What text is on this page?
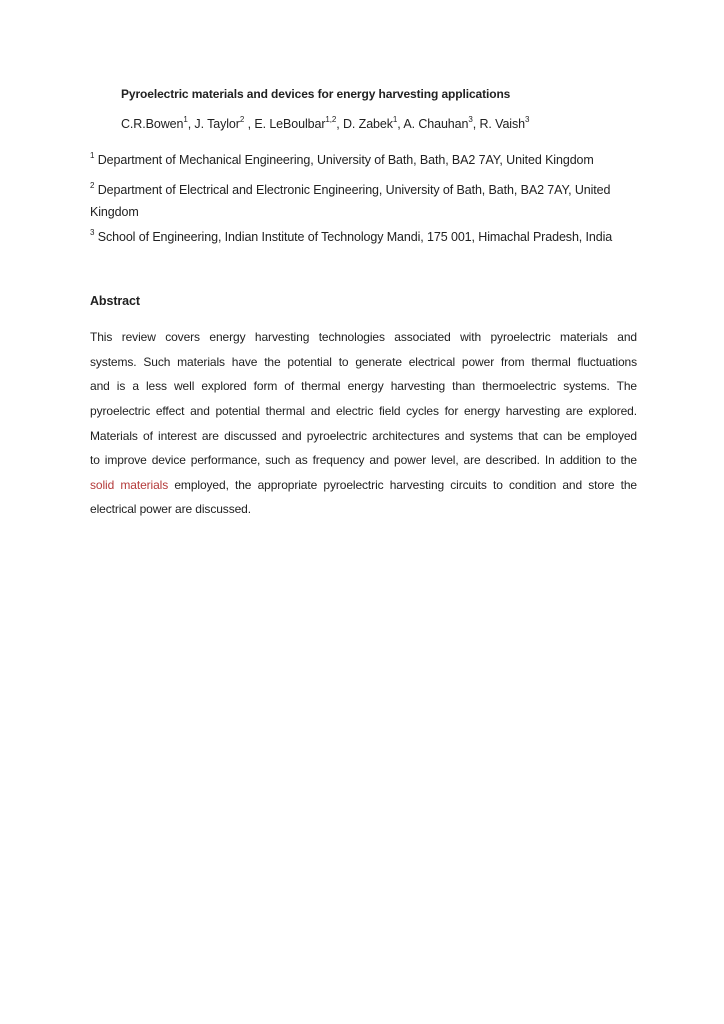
Pyroelectric materials and devices for energy harvesting applications
C.R.Bowen$^1$, J. Taylor$^2$ , E. LeBoulbar$^{1,2}$, D. Zabek$^1$, A. Chauhan$^3$, R. Vaish$^3$
$^1$ Department of Mechanical Engineering, University of Bath, Bath, BA2 7AY, United Kingdom
$^2$ Department of Electrical and Electronic Engineering, University of Bath, Bath, BA2 7AY, United
Kingdom
$^3$ School of Engineering, Indian Institute of Technology Mandi, 175 001, Himachal Pradesh, India
Abstract
This review covers energy harvesting technologies associated with pyroelectric materials and
systems. Such materials have the potential to generate electrical power from thermal fluctuations
and is a less well explored form of thermal energy harvesting than thermoelectric systems. The
pyroelectric effect and potential thermal and electric field cycles for energy harvesting are explored.
Materials of interest are discussed and pyroelectric architectures and systems that can be employed
to improve device performance, such as frequency and power level, are described. In addition to the
solid materials employed, the appropriate pyroelectric harvesting circuits to condition and store the
electrical power are discussed.
